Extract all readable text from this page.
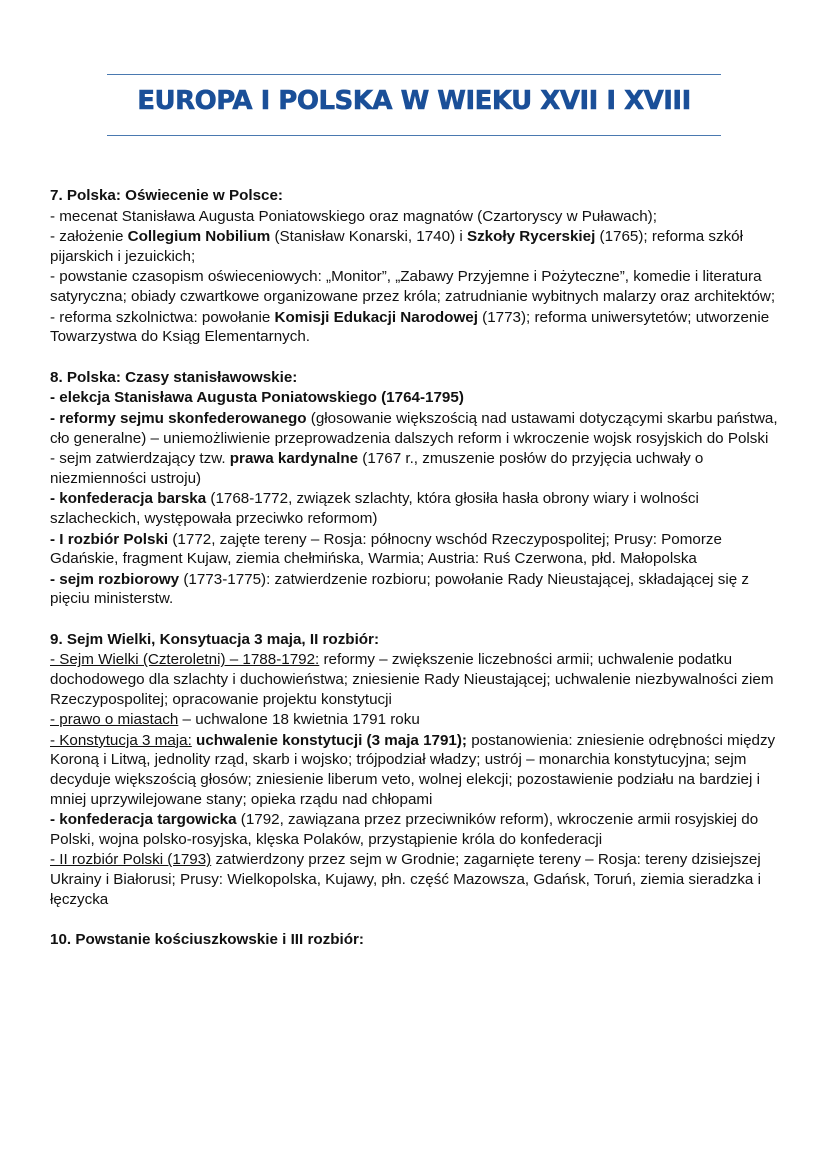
EUROPA I POLSKA W WIEKU XVII I XVIII
7. Polska: Oświecenie w Polsce:
- mecenat Stanisława Augusta Poniatowskiego oraz magnatów (Czartoryscy w Puławach);
- założenie Collegium Nobilium (Stanisław Konarski, 1740) i Szkoły Rycerskiej (1765); reforma szkół pijarskich i jezuickich;
- powstanie czasopism oświeceniowych: „Monitor”, „Zabawy Przyjemne i Pożyteczne”, komedie i literatura satyryczna; obiady czwartkowe organizowane przez króla; zatrudnianie wybitnych malarzy oraz architektów;
- reforma szkolnictwa: powołanie Komisji Edukacji Narodowej (1773); reforma uniwersytetów; utworzenie Towarzystwa do Ksiąg Elementarnych.
8. Polska: Czasy stanisławowskie:
- elekcja Stanisława Augusta Poniatowskiego (1764-1795)
- reformy sejmu skonfederowanego (głosowanie większością nad ustawami dotyczącymi skarbu państwa, cło generalne) – uniemożliwienie przeprowadzenia dalszych reform i wkroczenie wojsk rosyjskich do Polski
- sejm zatwierdzający tzw. prawa kardynalne (1767 r., zmuszenie posłów do przyjęcia uchwały o niezmienności ustroju)
- konfederacja barska (1768-1772, związek szlachty, która głosiła hasła obrony wiary i wolności szlacheckich, występowała przeciwko reformom)
- I rozbiór Polski (1772, zajęte tereny – Rosja: północny wschód Rzeczypospolitej; Prusy: Pomorze Gdańskie, fragment Kujaw, ziemia chełmińska, Warmia; Austria: Ruś Czerwona, płd. Małopolska
- sejm rozbiorowy (1773-1775): zatwierdzenie rozbioru; powołanie Rady Nieustającej, składającej się z pięciu ministerstw.
9. Sejm Wielki, Konsytuacja 3 maja, II rozbiór:
- Sejm Wielki (Czteroletni) – 1788-1792: reformy – zwiększenie liczebności armii; uchwalenie podatku dochodowego dla szlachty i duchowieństwa; zniesienie Rady Nieustającej; uchwalenie niezbywalności ziem Rzeczypospolitej; opracowanie projektu konstytucji
- prawo o miastach – uchwalone 18 kwietnia 1791 roku
- Konstytucja 3 maja: uchwalenie konstytucji (3 maja 1791); postanowienia: zniesienie odrębności między Koroną i Litwą, jednolity rząd, skarb i wojsko; trójpodział władzy; ustrój – monarchia konstytucyjna; sejm decyduje większością głosów; zniesienie liberum veto, wolnej elekcji; pozostawienie podziału na bardziej i mniej uprzywilejowane stany; opieka rządu nad chłopami
- konfederacja targowicka (1792, zawiązana przez przeciwników reform), wkroczenie armii rosyjskiej do Polski, wojna polsko-rosyjska, klęska Polaków, przystąpienie króla do konfederacji
- II rozbiór Polski (1793) zatwierdzony przez sejm w Grodnie; zagarnięte tereny – Rosja: tereny dzisiejszej Ukrainy i Białorusi; Prusy: Wielkopolska, Kujawy, płn. część Mazowsza, Gdańsk, Toruń, ziemia sieradzka i łęczycka
10. Powstanie kościuszkowskie i III rozbiór:
